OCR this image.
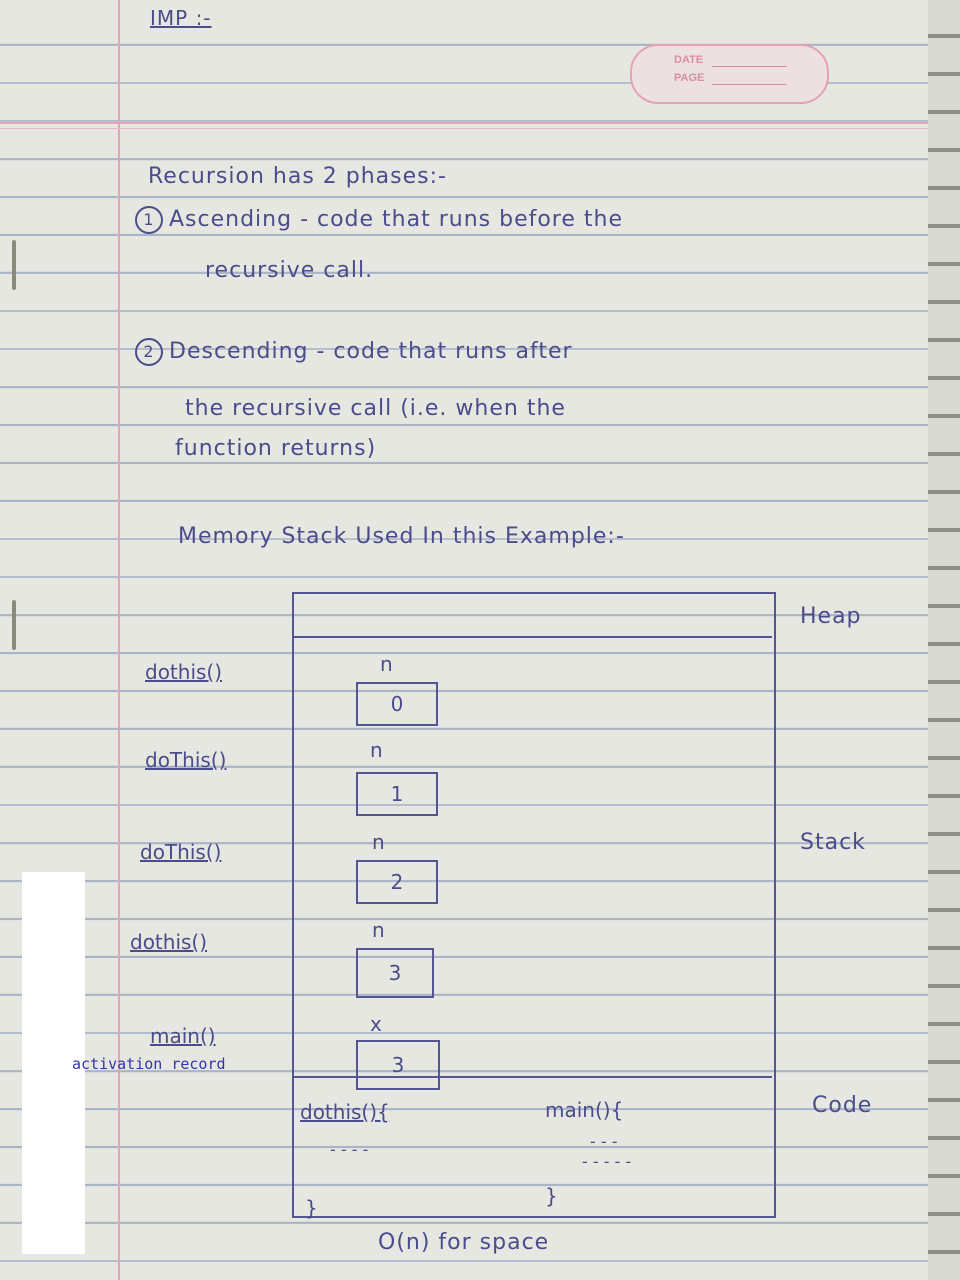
IMP :-

DATE
PAGE

Recursion has 2 phases:-

1 Ascending - code that runs before the

recursive call.

2 Descending - code that runs after

the recursive call (i.e. when the

function returns)

Memory Stack Used In this Example:-

Heap

Stack

Code

dothis()	n
0
doThis()	n
1
doThis()	n
2
dothis()	n
3
main()	x
3
dothis(){
- - - -
}
main(){
- - -
- - - - -
}

O(n) for space

activation record
